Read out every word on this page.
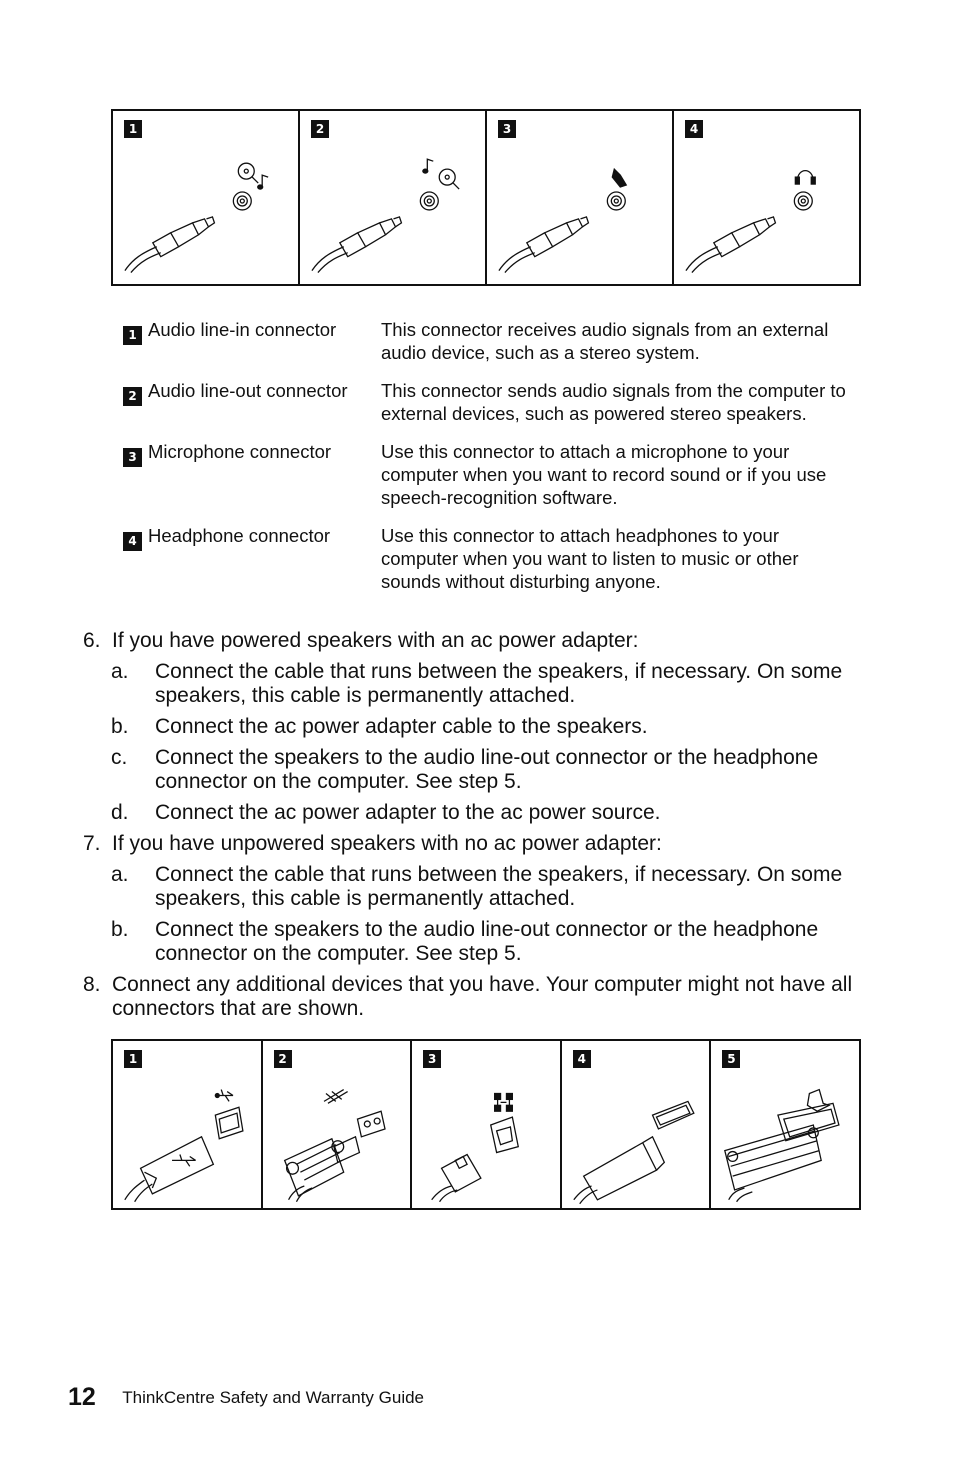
1	2	3	4
1 Audio line-in connector	This connector receives audio signals from an external audio device, such as a stereo system.
2 Audio line-out connector	This connector sends audio signals from the computer to external devices, such as powered stereo speakers.
3 Microphone connector	Use this connector to attach a microphone to your computer when you want to record sound or if you use speech-recognition software.
4 Headphone connector	Use this connector to attach headphones to your computer when you want to listen to music or other sounds without disturbing anyone.
6. If you have powered speakers with an ac power adapter:
a. Connect the cable that runs between the speakers, if necessary. On some speakers, this cable is permanently attached.
b. Connect the ac power adapter cable to the speakers.
c. Connect the speakers to the audio line-out connector or the headphone connector on the computer. See step 5.
d. Connect the ac power adapter to the ac power source.
7. If you have unpowered speakers with no ac power adapter:
a. Connect the cable that runs between the speakers, if necessary. On some speakers, this cable is permanently attached.
b. Connect the speakers to the audio line-out connector or the headphone connector on the computer. See step 5.
8. Connect any additional devices that you have. Your computer might not have all connectors that are shown.
1	2	3	4	5
12 ThinkCentre Safety and Warranty Guide
